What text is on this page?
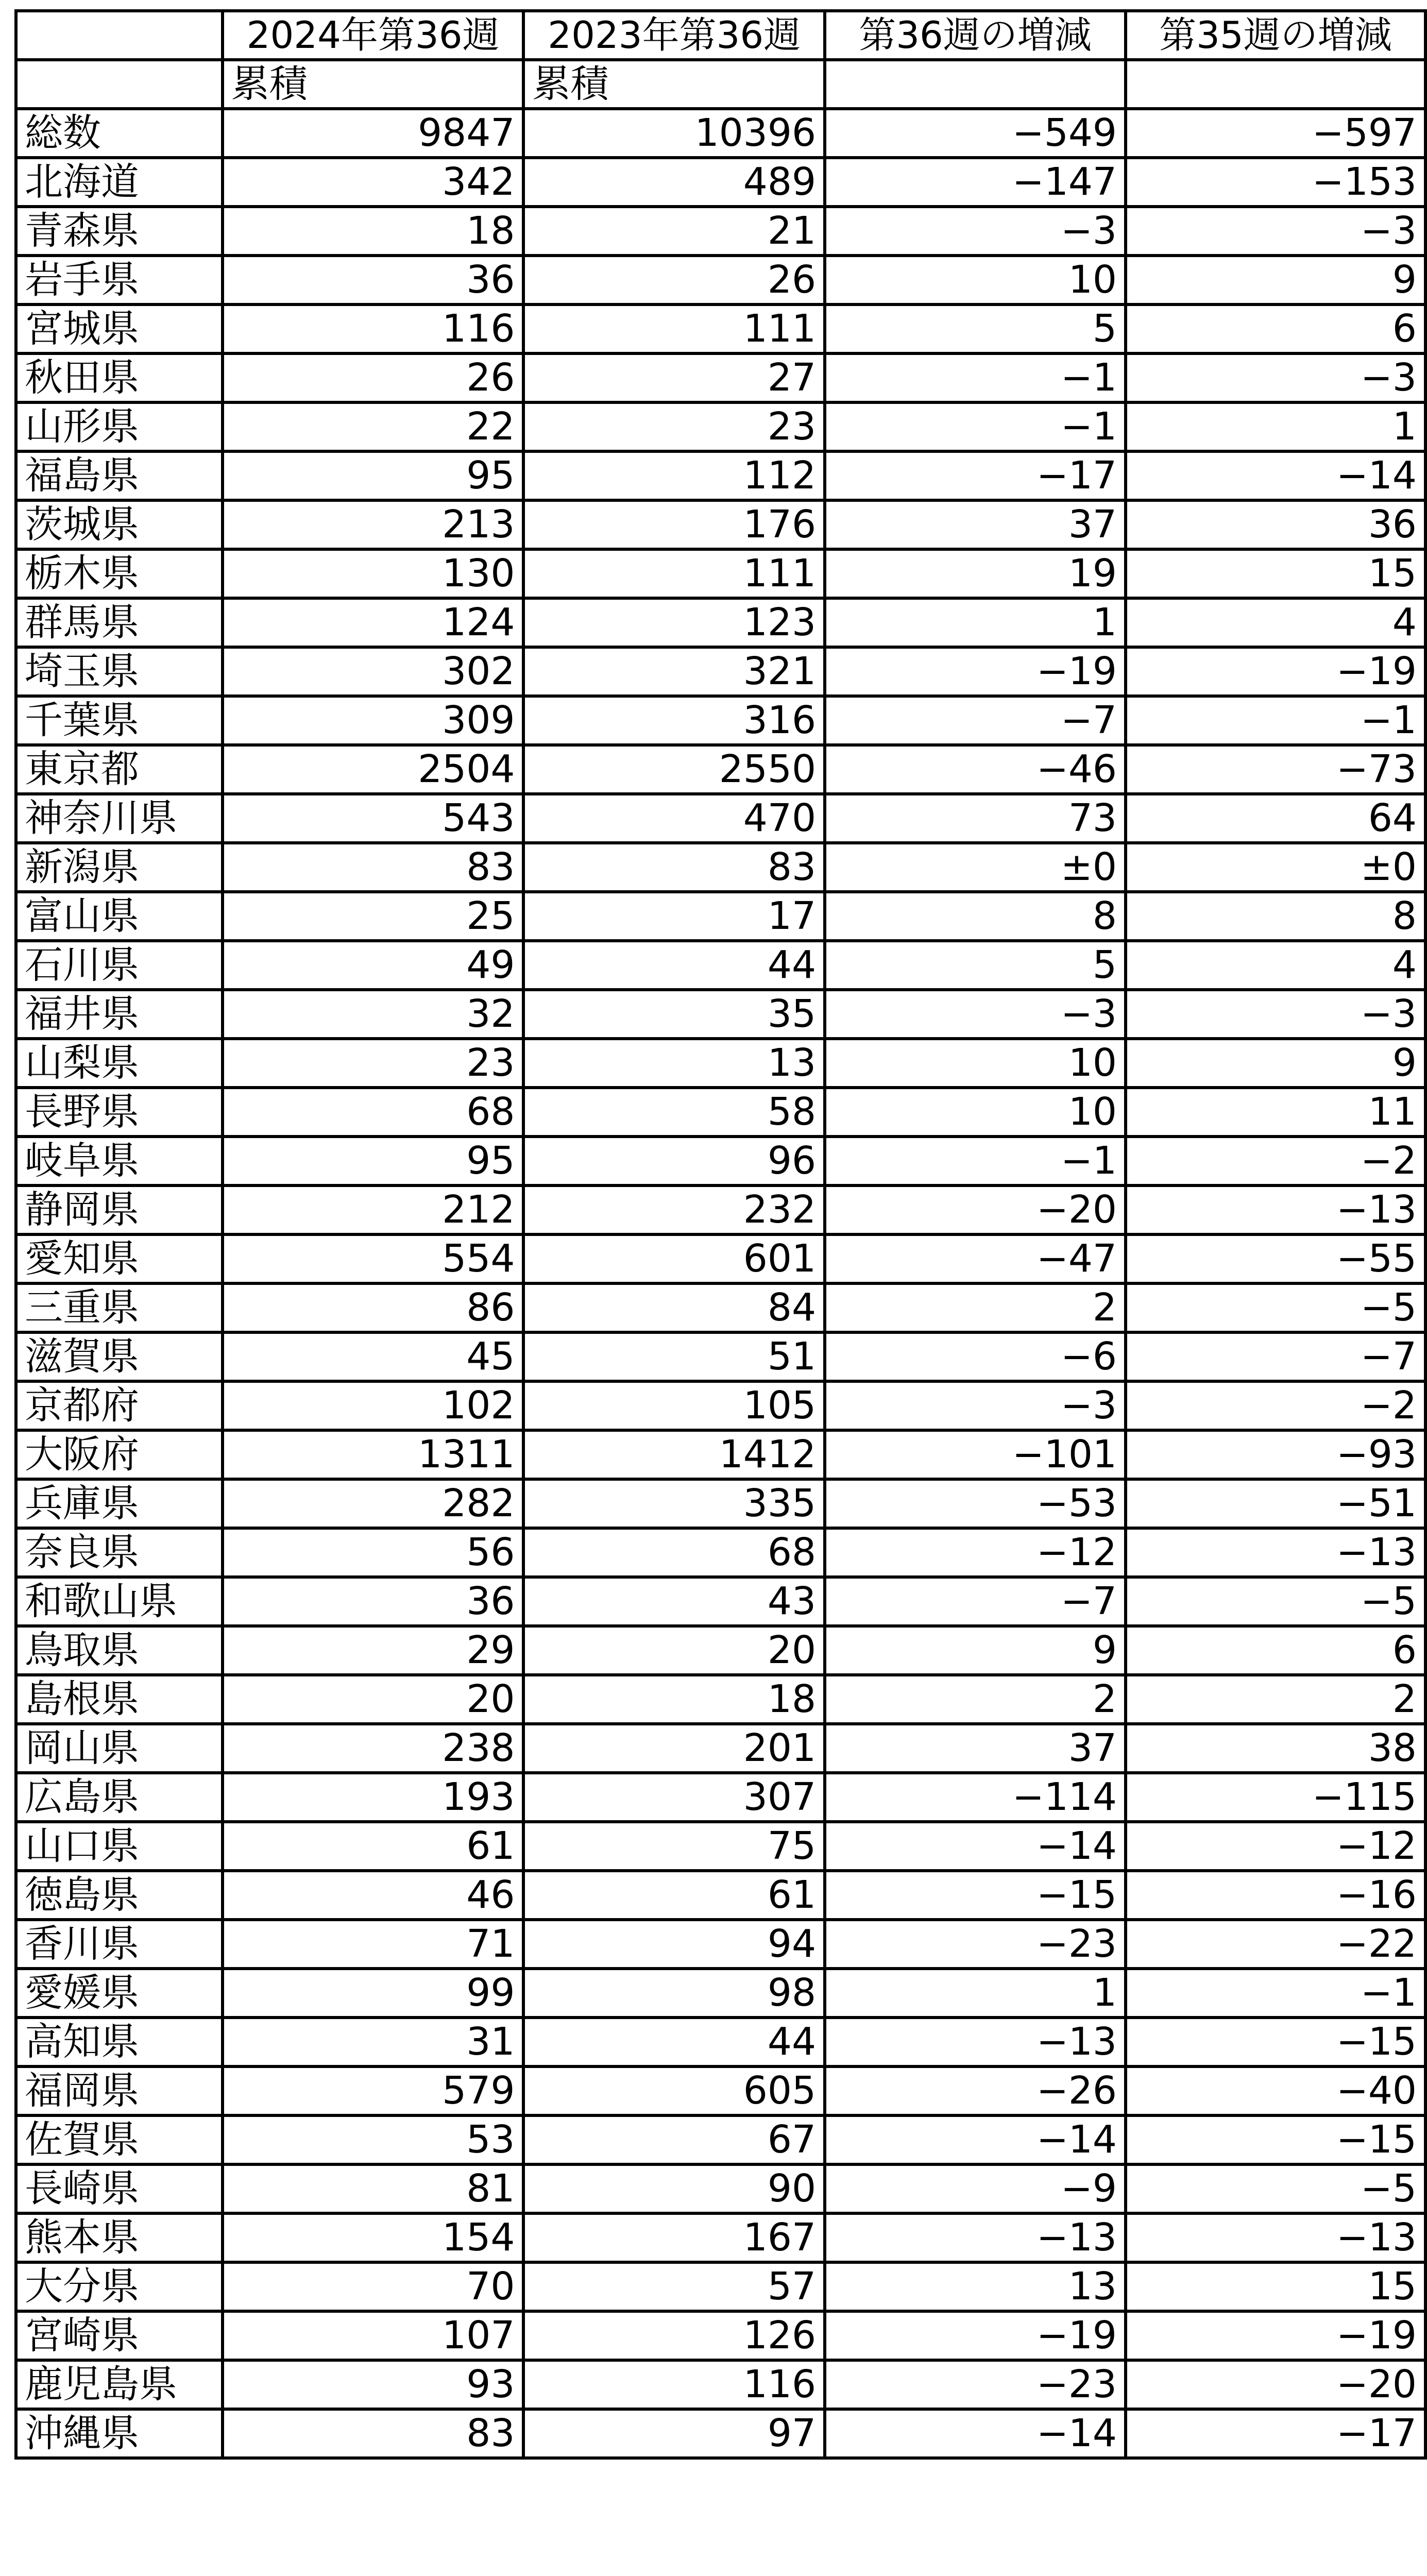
	2024年第36週	2023年第36週	第36週の増減	第35週の増減
	累積	累積		
総数	9847	10396	−549	−597
北海道	342	489	−147	−153
青森県	18	21	−3	−3
岩手県	36	26	10	9
宮城県	116	111	5	6
秋田県	26	27	−1	−3
山形県	22	23	−1	1
福島県	95	112	−17	−14
茨城県	213	176	37	36
栃木県	130	111	19	15
群馬県	124	123	1	4
埼玉県	302	321	−19	−19
千葉県	309	316	−7	−1
東京都	2504	2550	−46	−73
神奈川県	543	470	73	64
新潟県	83	83	±0	±0
富山県	25	17	8	8
石川県	49	44	5	4
福井県	32	35	−3	−3
山梨県	23	13	10	9
長野県	68	58	10	11
岐阜県	95	96	−1	−2
静岡県	212	232	−20	−13
愛知県	554	601	−47	−55
三重県	86	84	2	−5
滋賀県	45	51	−6	−7
京都府	102	105	−3	−2
大阪府	1311	1412	−101	−93
兵庫県	282	335	−53	−51
奈良県	56	68	−12	−13
和歌山県	36	43	−7	−5
鳥取県	29	20	9	6
島根県	20	18	2	2
岡山県	238	201	37	38
広島県	193	307	−114	−115
山口県	61	75	−14	−12
徳島県	46	61	−15	−16
香川県	71	94	−23	−22
愛媛県	99	98	1	−1
高知県	31	44	−13	−15
福岡県	579	605	−26	−40
佐賀県	53	67	−14	−15
長崎県	81	90	−9	−5
熊本県	154	167	−13	−13
大分県	70	57	13	15
宮崎県	107	126	−19	−19
鹿児島県	93	116	−23	−20
沖縄県	83	97	−14	−17
